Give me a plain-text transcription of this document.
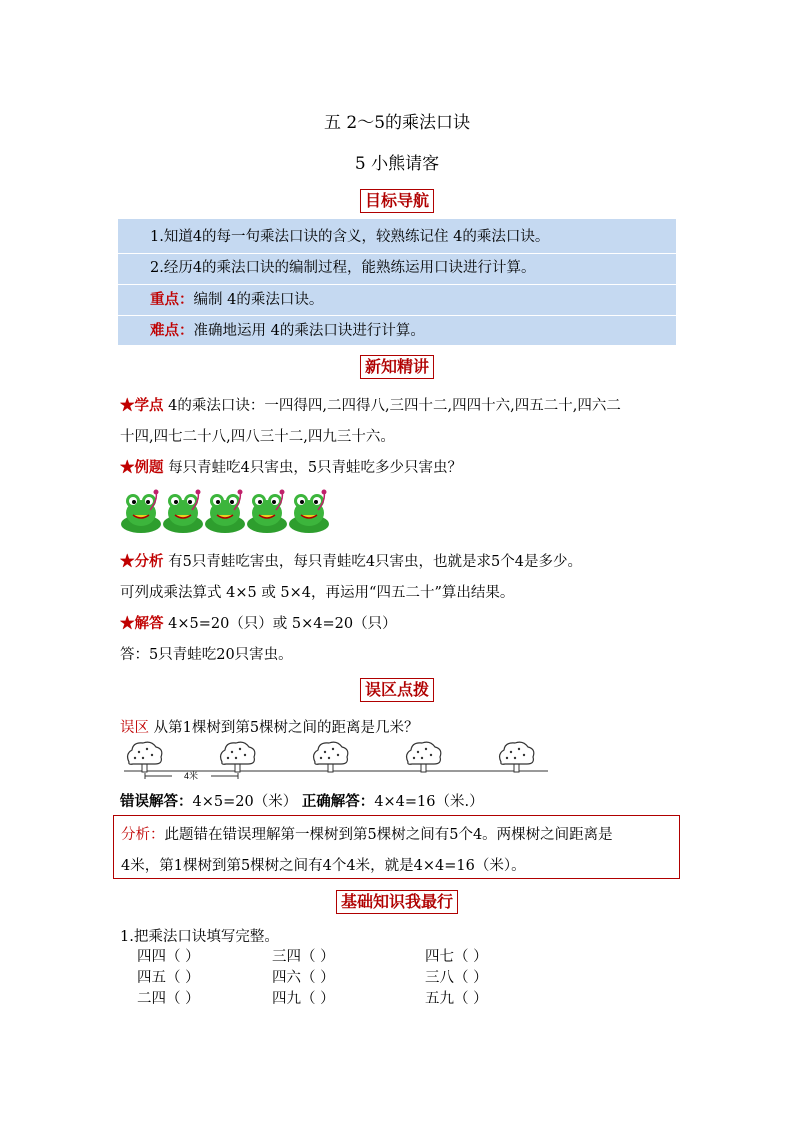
五 2～5的乘法口诀
5 小熊请客
目标导航
1.知道4的每一句乘法口诀的含义，较熟练记住 4的乘法口诀。
2.经历4的乘法口诀的编制过程，能熟练运用口诀进行计算。
重点：编制 4的乘法口诀。
难点：准确地运用 4的乘法口诀进行计算。
新知精讲
★学点 4的乘法口诀：一四得四,二四得八,三四十二,四四十六,四五二十,四六二
十四,四七二十八,四八三十二,四九三十六。
★例题 每只青蛙吃4只害虫，5只青蛙吃多少只害虫？
★分析 有5只青蛙吃害虫，每只青蛙吃4只害虫，也就是求5个4是多少。
可列成乘法算式 4×5 或 5×4，再运用“四五二十”算出结果。
★解答 4×5=20（只）或 5×4=20（只）
答：5只青蛙吃20只害虫。
误区点拨
误区 从第1棵树到第5棵树之间的距离是几米？
4米
错误解答：4×5=20（米） 正确解答：4×4=16（米.）
分析：此题错在错误理解第一棵树到第5棵树之间有5个4。两棵树之间距离是
4米，第1棵树到第5棵树之间有4个4米，就是4×4=16（米）。
基础知识我最行
1.把乘法口诀填写完整。
四四（ ）	三四（ ）	四七（ ）
四五（ ）	四六（ ）	三八（ ）
二四（ ）	四九（ ）	五九（ ）
